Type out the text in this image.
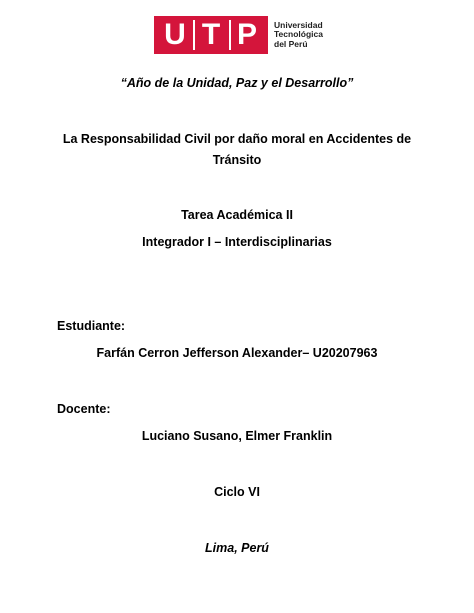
U T P	Universidad
Tecnológica
del Perú
“Año de la Unidad, Paz y el Desarrollo”
La Responsabilidad Civil por daño moral en Accidentes de
Tránsito
Tarea Académica II
Integrador I – Interdisciplinarias
Estudiante:
Farfán Cerron Jefferson Alexander– U20207963
Docente:
Luciano Susano, Elmer Franklin
Ciclo VI
Lima, Perú
